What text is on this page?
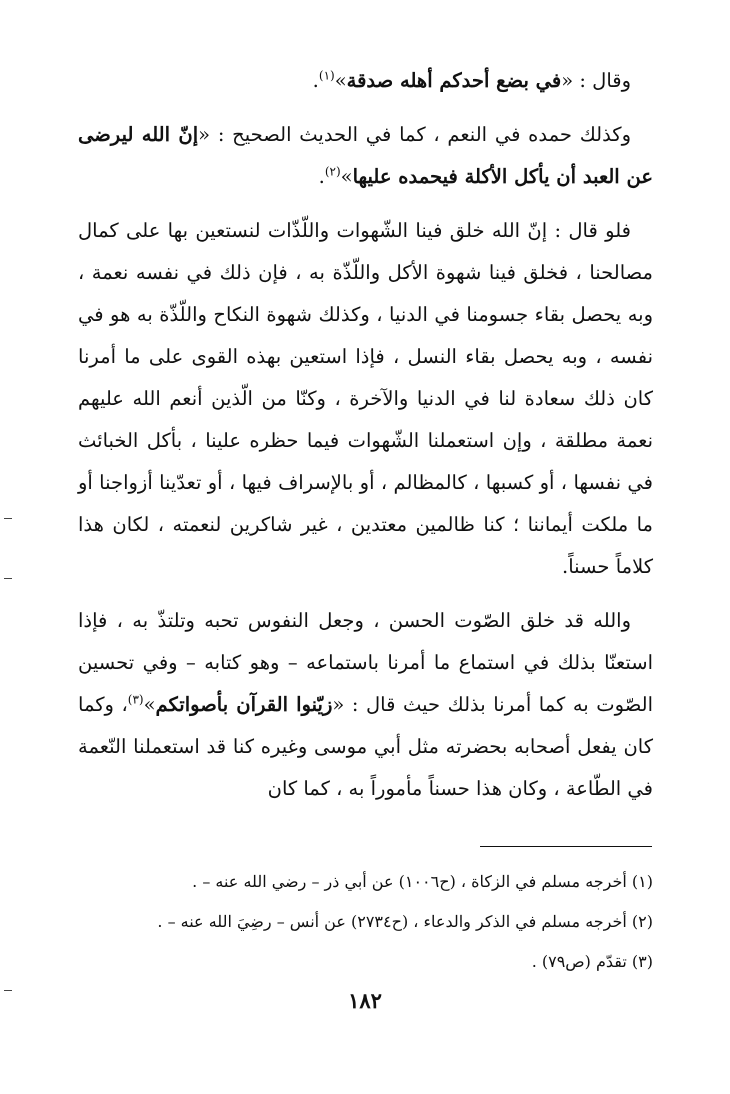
وقال : «في بضع أحدكم أهله صدقة»$^{(١)}$.

وكذلك حمده في النعم ، كما في الحديث الصحيح : «إنّ الله ليرضى عن العبد أن يأكل الأكلة فيحمده عليها»$^{(٢)}$.

فلو قال : إنّ الله خلق فينا الشّهوات واللّذّات لنستعين بها على كمال مصالحنا ، فخلق فينا شهوة الأكل واللّذّة به ، فإن ذلك في نفسه نعمة ، وبه يحصل بقاء جسومنا في الدنيا ، وكذلك شهوة النكاح واللّذّة به هو في نفسه ، وبه يحصل بقاء النسل ، فإذا استعين بهذه القوى على ما أمرنا كان ذلك سعادة لنا في الدنيا والآخرة ، وكنّا من الّذين أنعم الله عليهم نعمة مطلقة ، وإن استعملنا الشّهوات فيما حظره علينا ، بأكل الخبائث في نفسها ، أو كسبها ، كالمظالم ، أو بالإسراف فيها ، أو تعدّينا أزواجنا أو ما ملكت أيماننا ؛ كنا ظالمين معتدين ، غير شاكرين لنعمته ، لكان هذا كلاماً حسناً.

والله قد خلق الصّوت الحسن ، وجعل النفوس تحبه وتلتذّ به ، فإذا استعنّا بذلك في استماع ما أمرنا باستماعه – وهو كتابه – وفي تحسين الصّوت به كما أمرنا بذلك حيث قال : «زيّنوا القرآن بأصواتكم»$^{(٣)}$، وكما كان يفعل أصحابه بحضرته مثل أبي موسى وغيره كنا قد استعملنا النّعمة في الطّاعة ، وكان هذا حسناً مأموراً به ، كما كان

(١) أخرجه مسلم في الزكاة ، (ح١٠٠٦) عن أبي ذر – رضي الله عنه – .
(٢) أخرجه مسلم في الذكر والدعاء ، (ح٢٧٣٤) عن أنس – رضِيَ الله عنه – .
(٣) تقدّم (ص٧٩) .
١٨٢
